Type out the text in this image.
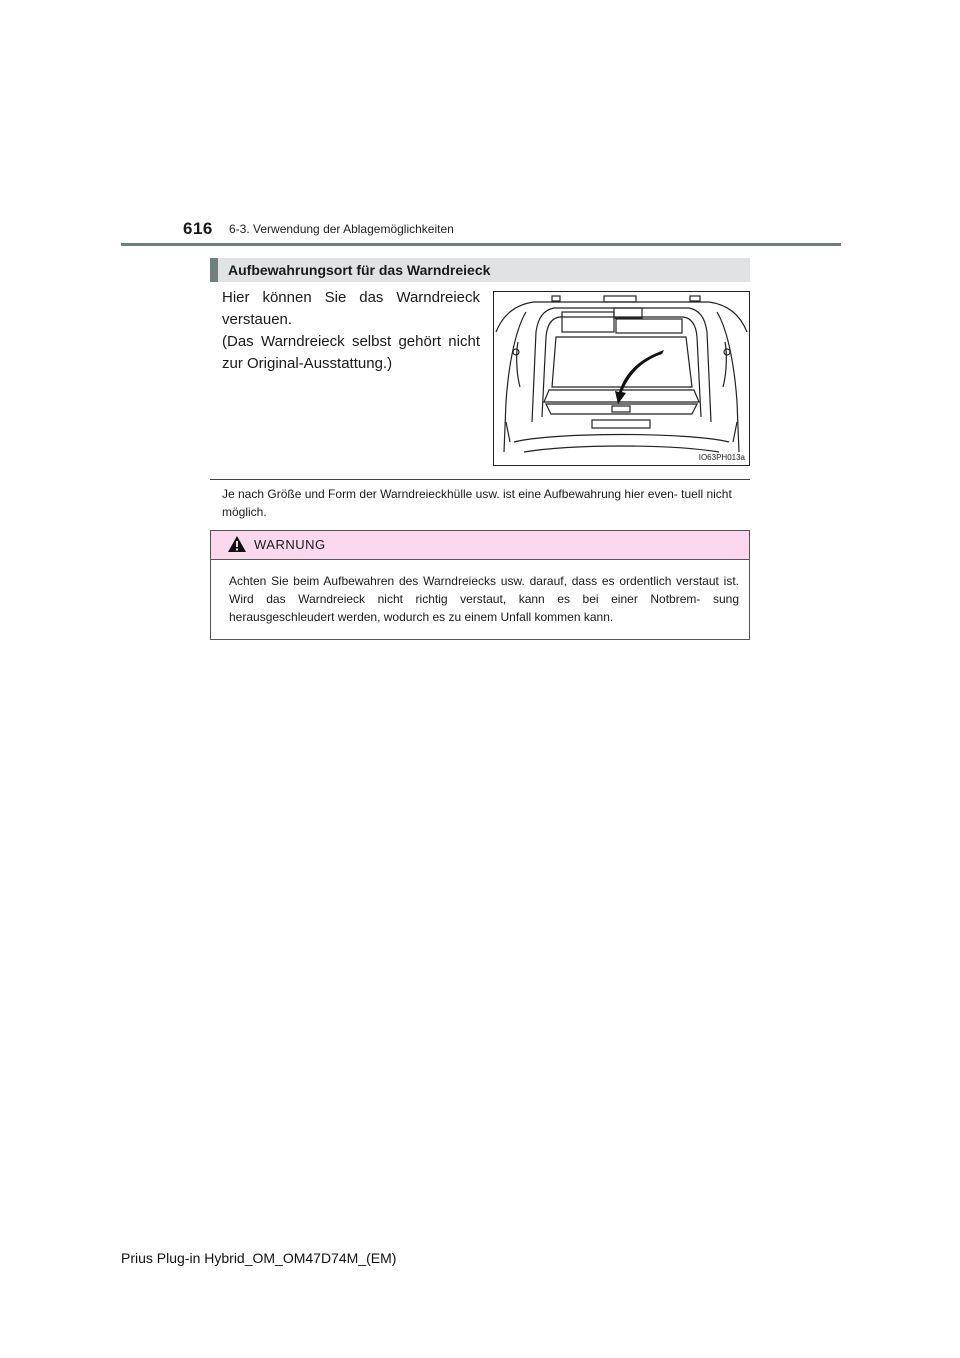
616 6-3. Verwendung der Ablagemöglichkeiten
Aufbewahrungsort für das Warndreieck

Hier können Sie das Warndreieck verstauen.

(Das Warndreieck selbst gehört nicht zur Original-Ausstattung.)

IO63PH013a

Je nach Größe und Form der Warndreieckhülle usw. ist eine Aufbewahrung hier even- tuell nicht möglich.

WARNUNG

Achten Sie beim Aufbewahren des Warndreiecks usw. darauf, dass es ordentlich verstaut ist. Wird das Warndreieck nicht richtig verstaut, kann es bei einer Notbrem- sung herausgeschleudert werden, wodurch es zu einem Unfall kommen kann.

Prius Plug-in Hybrid_OM_OM47D74M_(EM)
